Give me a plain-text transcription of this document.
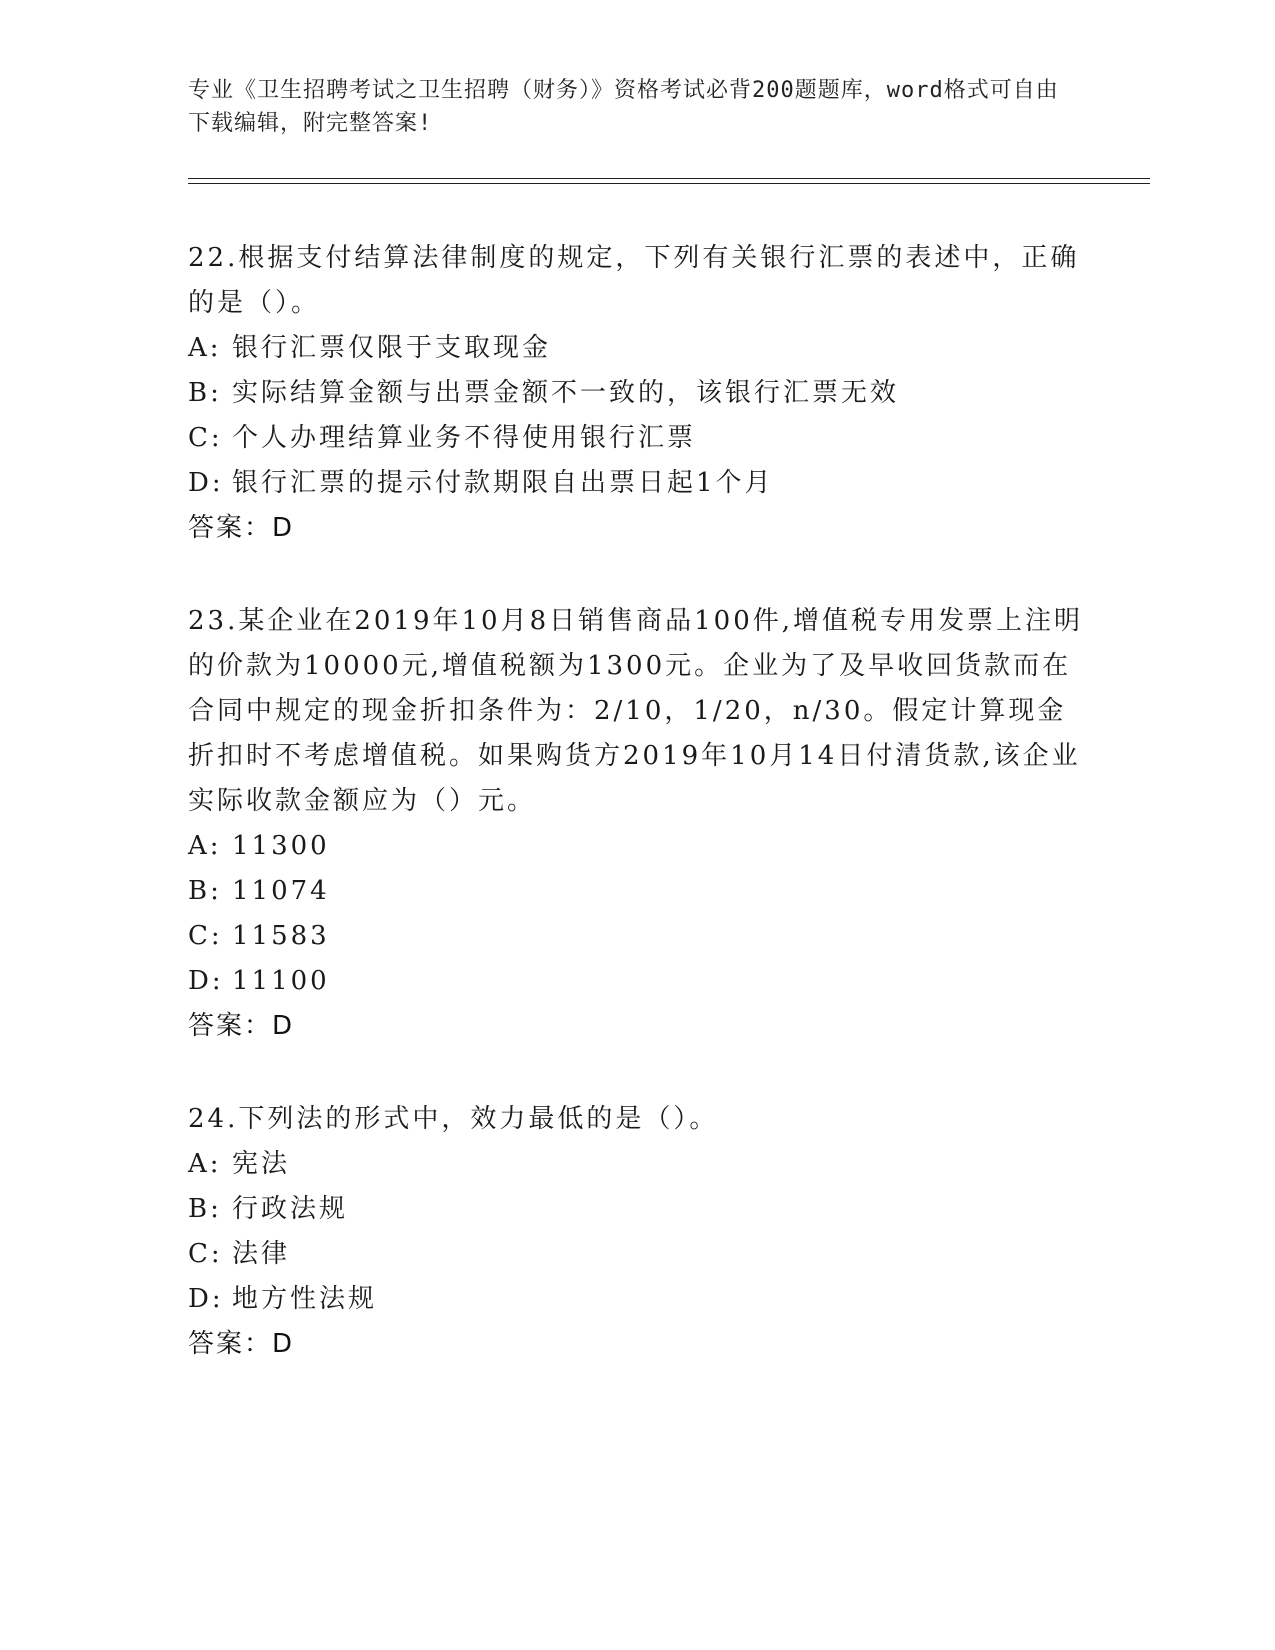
专业《卫生招聘考试之卫生招聘（财务）》资格考试必背200题题库，word格式可自由下载编辑，附完整答案!

22.根据支付结算法律制度的规定，下列有关银行汇票的表述中，正确的是（）。

A: 银行汇票仅限于支取现金

B: 实际结算金额与出票金额不一致的，该银行汇票无效

C: 个人办理结算业务不得使用银行汇票

D: 银行汇票的提示付款期限自出票日起1个月

答案：D

23.某企业在2019年10月8日销售商品100件,增值税专用发票上注明的价款为10000元,增值税额为1300元。企业为了及早收回货款而在合同中规定的现金折扣条件为：2/10，1/20，n/30。假定计算现金折扣时不考虑增值税。如果购货方2019年10月14日付清货款,该企业实际收款金额应为（）元。

A: 11300

B: 11074

C: 11583

D: 11100

答案：D

24.下列法的形式中，效力最低的是（）。

A: 宪法

B: 行政法规

C: 法律

D: 地方性法规

答案：D
